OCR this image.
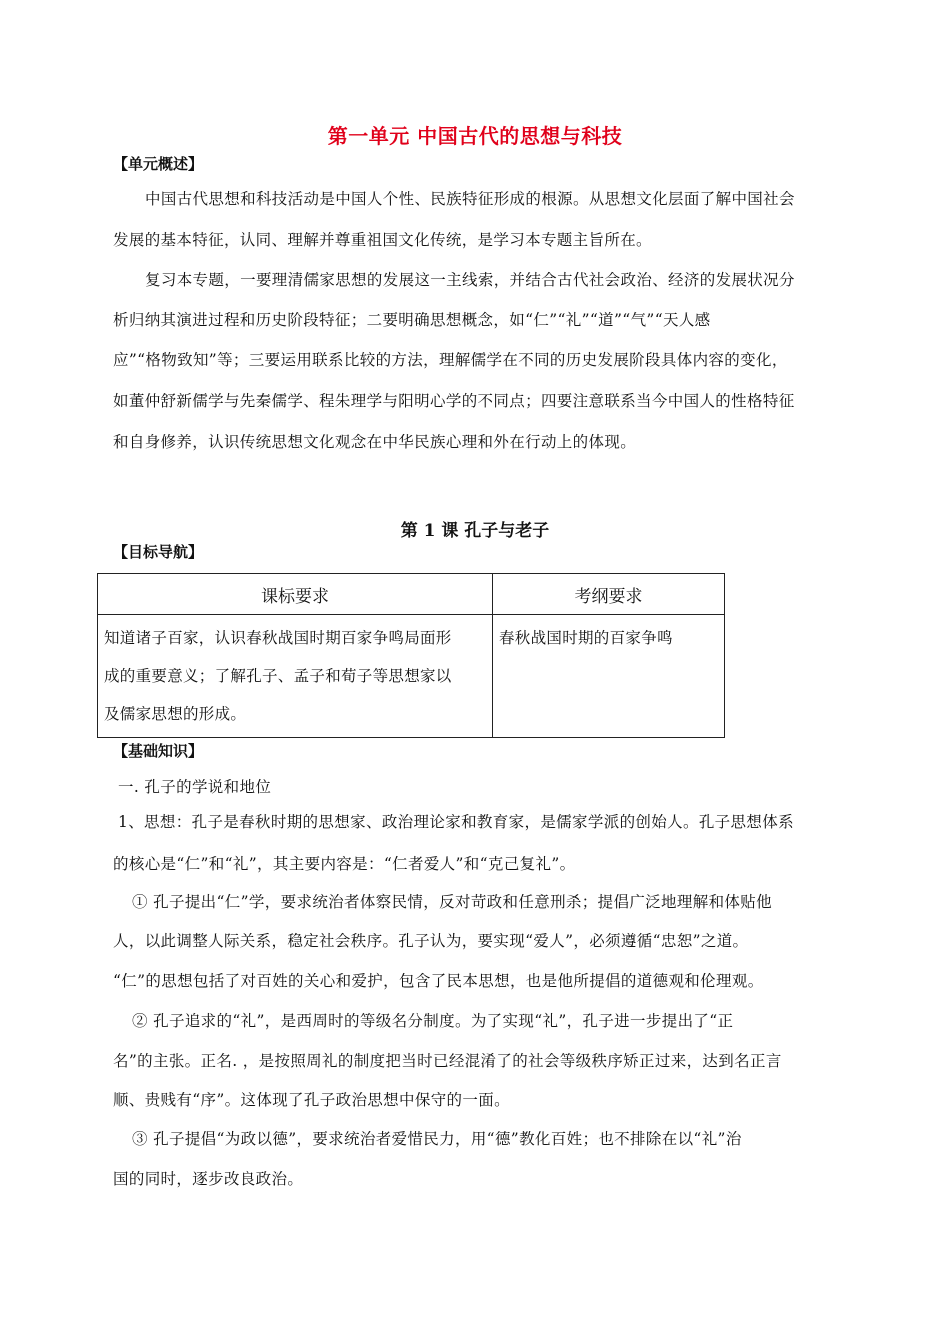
第一单元 中国古代的思想与科技
【单元概述】
中国古代思想和科技活动是中国人个性、民族特征形成的根源。从思想文化层面了解中国社会
发展的基本特征，认同、理解并尊重祖国文化传统，是学习本专题主旨所在。
复习本专题，一要理清儒家思想的发展这一主线索，并结合古代社会政治、经济的发展状况分
析归纳其演进过程和历史阶段特征；二要明确思想概念，如“仁”“礼”“道”“气”“天人感
应”“格物致知”等；三要运用联系比较的方法，理解儒学在不同的历史发展阶段具体内容的变化，
如董仲舒新儒学与先秦儒学、程朱理学与阳明心学的不同点；四要注意联系当今中国人的性格特征
和自身修养，认识传统思想文化观念在中华民族心理和外在行动上的体现。
第 1 课 孔子与老子
【目标导航】
课标要求	考纲要求

知道诸子百家，认识春秋战国时期百家争鸣局面形
成的重要意义；了解孔子、孟子和荀子等思想家以
及儒家思想的形成。	春秋战国时期的百家争鸣
【基础知识】
一. 孔子的学说和地位
1、思想：孔子是春秋时期的思想家、政治理论家和教育家，是儒家学派的创始人。孔子思想体系
的核心是“仁”和“礼”，其主要内容是：“仁者爱人”和“克己复礼”。
① 孔子提出“仁”学，要求统治者体察民情，反对苛政和任意刑杀；提倡广泛地理解和体贴他
人，以此调整人际关系，稳定社会秩序。孔子认为，要实现“爱人”，必须遵循“忠恕”之道。
“仁”的思想包括了对百姓的关心和爱护，包含了民本思想，也是他所提倡的道德观和伦理观。
② 孔子追求的“礼”，是西周时的等级名分制度。为了实现“礼”，孔子进一步提出了“正
名”的主张。正名. ，是按照周礼的制度把当时已经混淆了的社会等级秩序矫正过来，达到名正言
顺、贵贱有“序”。这体现了孔子政治思想中保守的一面。
③ 孔子提倡“为政以德”，要求统治者爱惜民力，用“德”教化百姓；也不排除在以“礼”治
国的同时，逐步改良政治。
